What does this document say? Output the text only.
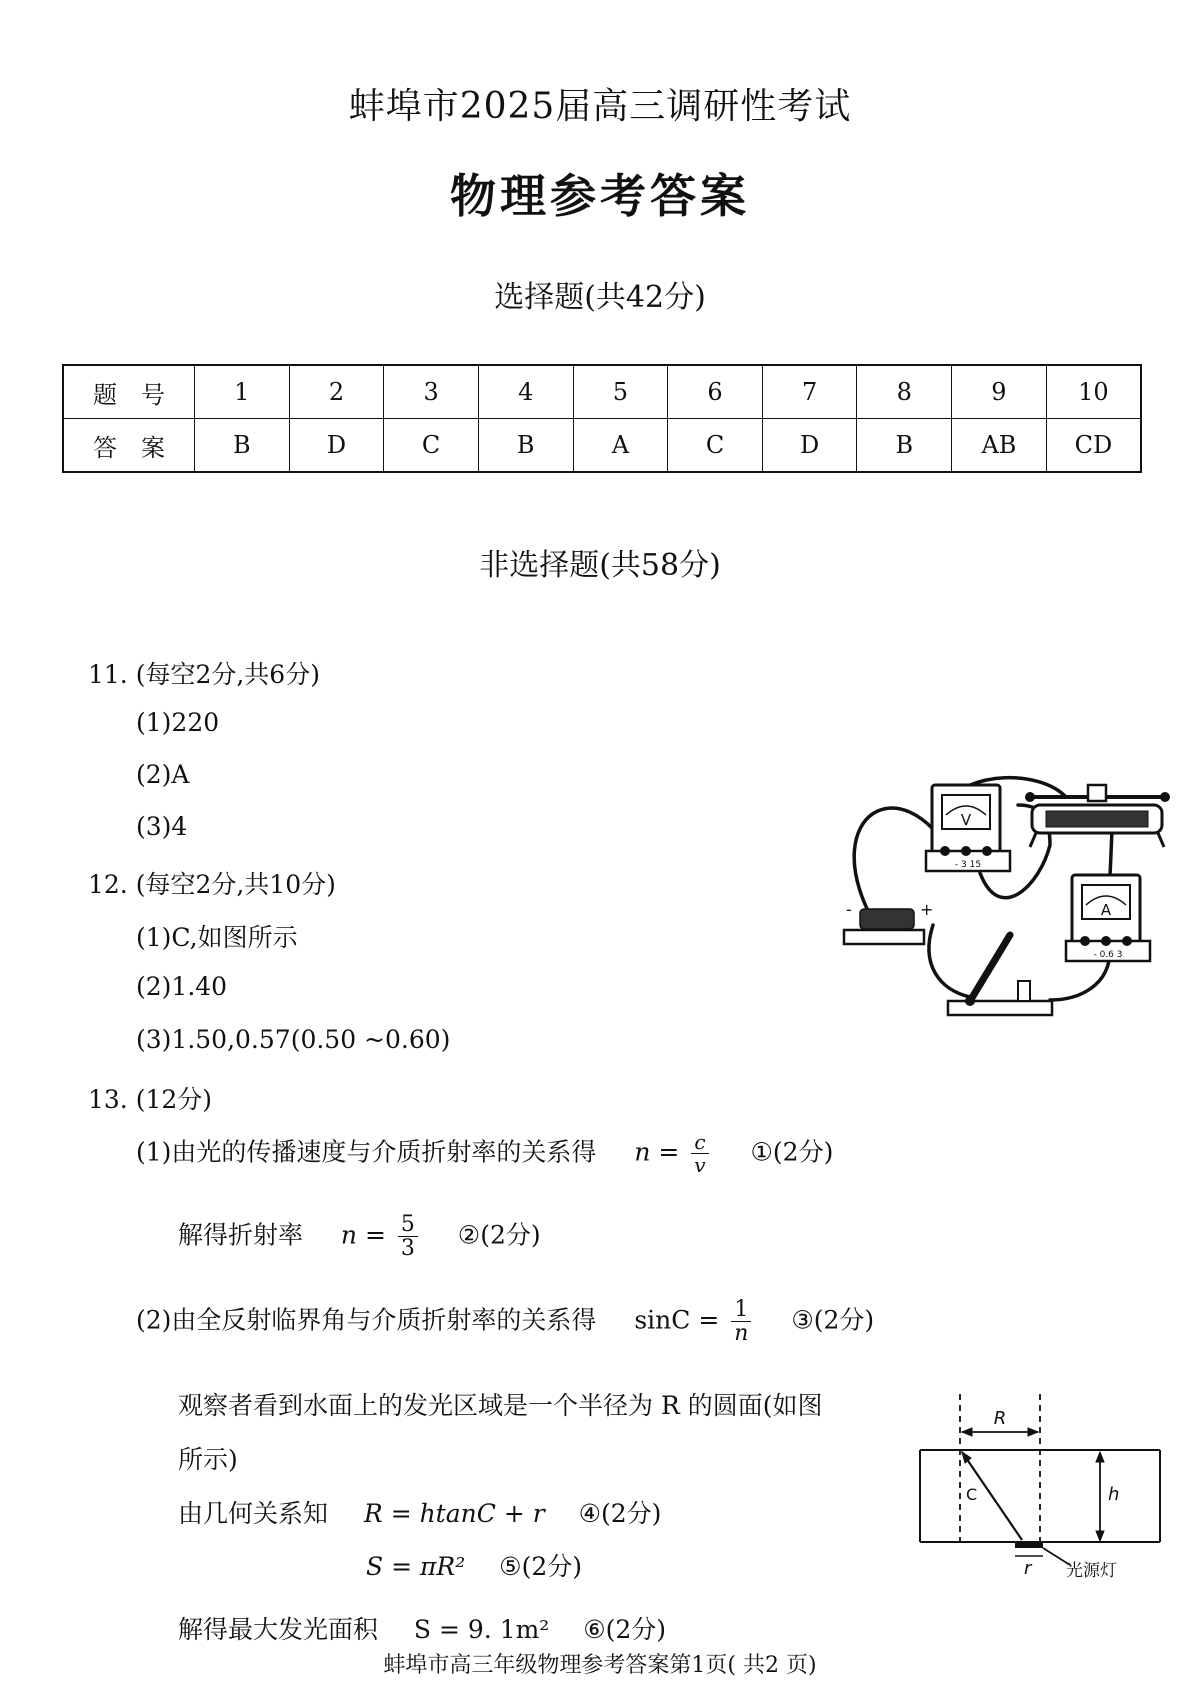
蚌埠市2025届高三调研性考试
物理参考答案
选择题(共42分)
题　号	1	2	3	4	5	6	7	8	9	10
答　案	B	D	C	B	A	C	D	B	AB	CD
非选择题(共58分)
11. (每空2分,共6分)
(1)220
(2)A
(3)4
12. (每空2分,共10分)
(1)C,如图所示
(2)1.40
(3)1.50,0.57(0.50 ~0.60)
V
- 3 15
A
- 0.6 3
-	+
13. (12分)
(1)由光的传播速度与介质折射率的关系得 $n = \frac{c}{v}$ ①(2分)
解得折射率 $n = \frac{5}{3}$ ②(2分)
(2)由全反射临界角与介质折射率的关系得 $\sin C = \frac{1}{n}$ ③(2分)
观察者看到水面上的发光区域是一个半径为 R 的圆面(如图
所示)
由几何关系知 R = htanC + r ④(2分)
S = πR² ⑤(2分)
解得最大发光面积 S = 9. 1m² ⑥(2分)
R
C	h
r 光源灯
蚌埠市高三年级物理参考答案第1页( 共2 页)
